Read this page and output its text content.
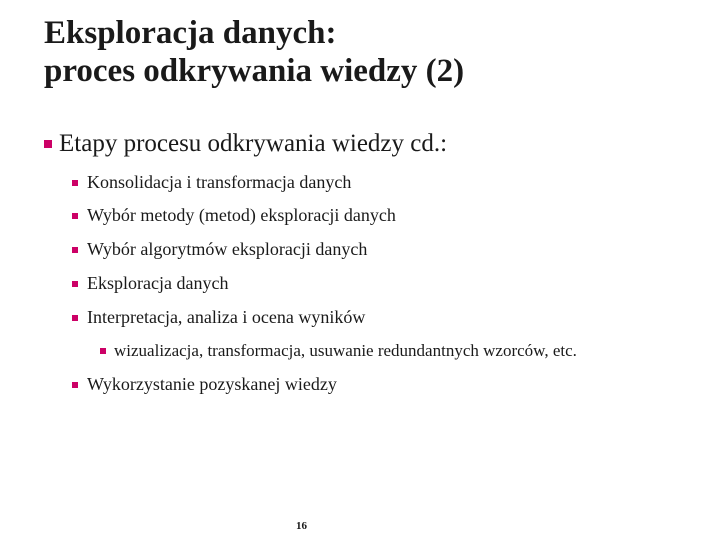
Eksploracja danych:
proces odkrywania wiedzy (2)
Etapy procesu odkrywania wiedzy cd.:
Konsolidacja i transformacja danych
Wybór metody (metod) eksploracji danych
Wybór algorytmów eksploracji danych
Eksploracja danych
Interpretacja, analiza i ocena wyników
wizualizacja, transformacja, usuwanie redundantnych wzorców, etc.
Wykorzystanie pozyskanej wiedzy
16
